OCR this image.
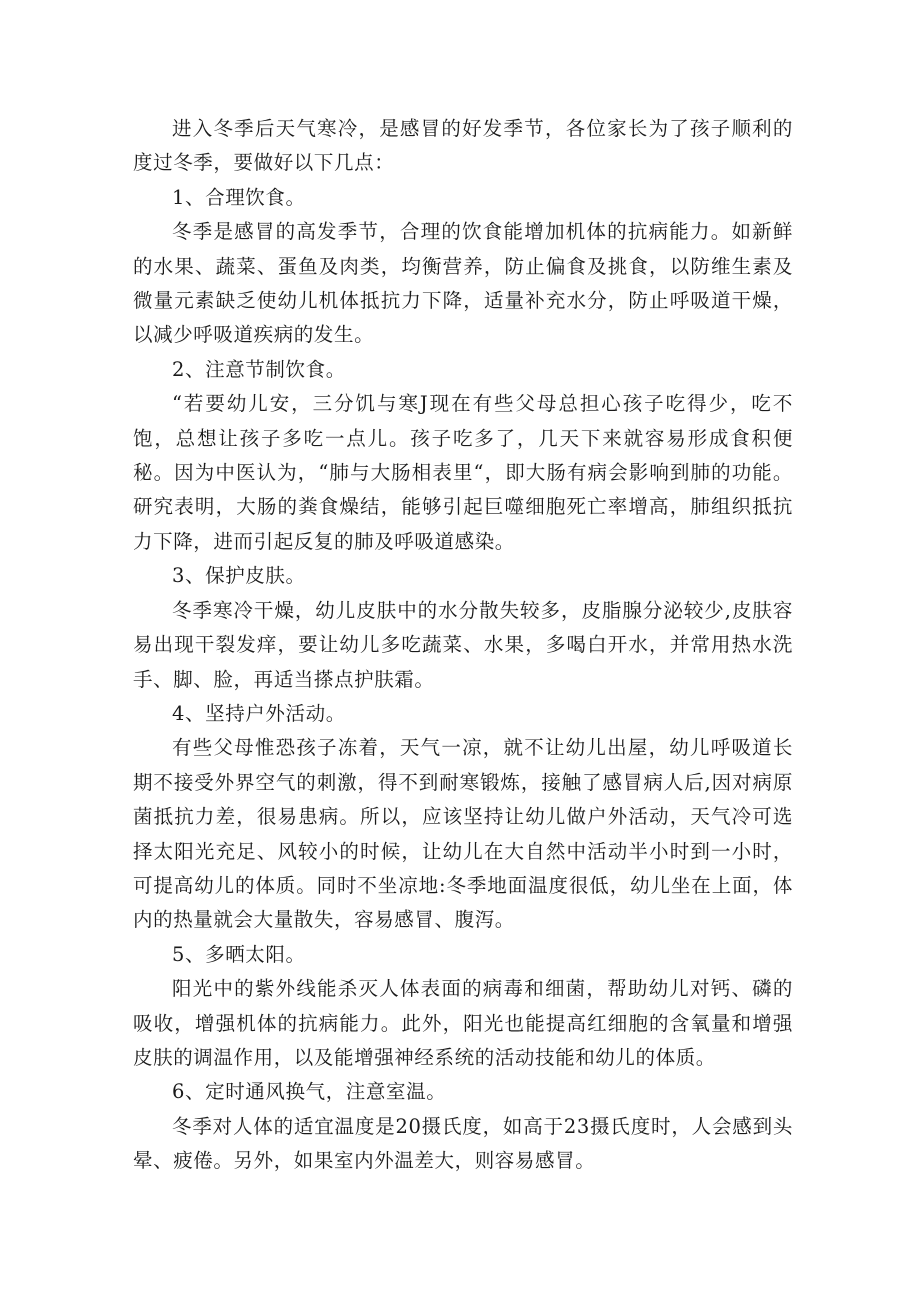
进入冬季后天气寒冷，是感冒的好发季节，各位家长为了孩子顺利的度过冬季，要做好以下几点：

1、合理饮食。

冬季是感冒的高发季节，合理的饮食能增加机体的抗病能力。如新鲜的水果、蔬菜、蛋鱼及肉类，均衡营养，防止偏食及挑食，以防维生素及微量元素缺乏使幼儿机体抵抗力下降，适量补充水分，防止呼吸道干燥，以减少呼吸道疾病的发生。

2、注意节制饮食。

“若要幼儿安，三分饥与寒J现在有些父母总担心孩子吃得少，吃不饱，总想让孩子多吃一点儿。孩子吃多了，几天下来就容易形成食积便秘。因为中医认为，“肺与大肠相表里“，即大肠有病会影响到肺的功能。研究表明，大肠的粪食燥结，能够引起巨噬细胞死亡率增高，肺组织抵抗力下降，进而引起反复的肺及呼吸道感染。

3、保护皮肤。

冬季寒冷干燥，幼儿皮肤中的水分散失较多，皮脂腺分泌较少,皮肤容易出现干裂发痒，要让幼儿多吃蔬菜、水果，多喝白开水，并常用热水洗手、脚、脸，再适当搽点护肤霜。

4、坚持户外活动。

有些父母惟恐孩子冻着，天气一凉，就不让幼儿出屋，幼儿呼吸道长期不接受外界空气的刺激，得不到耐寒锻炼，接触了感冒病人后,因对病原菌抵抗力差，很易患病。所以，应该坚持让幼儿做户外活动，天气冷可选择太阳光充足、风较小的时候，让幼儿在大自然中活动半小时到一小时，可提高幼儿的体质。同时不坐凉地:冬季地面温度很低，幼儿坐在上面，体内的热量就会大量散失，容易感冒、腹泻。

5、多晒太阳。

阳光中的紫外线能杀灭人体表面的病毒和细菌，帮助幼儿对钙、磷的吸收，增强机体的抗病能力。此外，阳光也能提高红细胞的含氧量和增强皮肤的调温作用，以及能增强神经系统的活动技能和幼儿的体质。

6、定时通风换气，注意室温。

冬季对人体的适宜温度是20摄氏度，如高于23摄氏度时，人会感到头晕、疲倦。另外，如果室内外温差大，则容易感冒。
